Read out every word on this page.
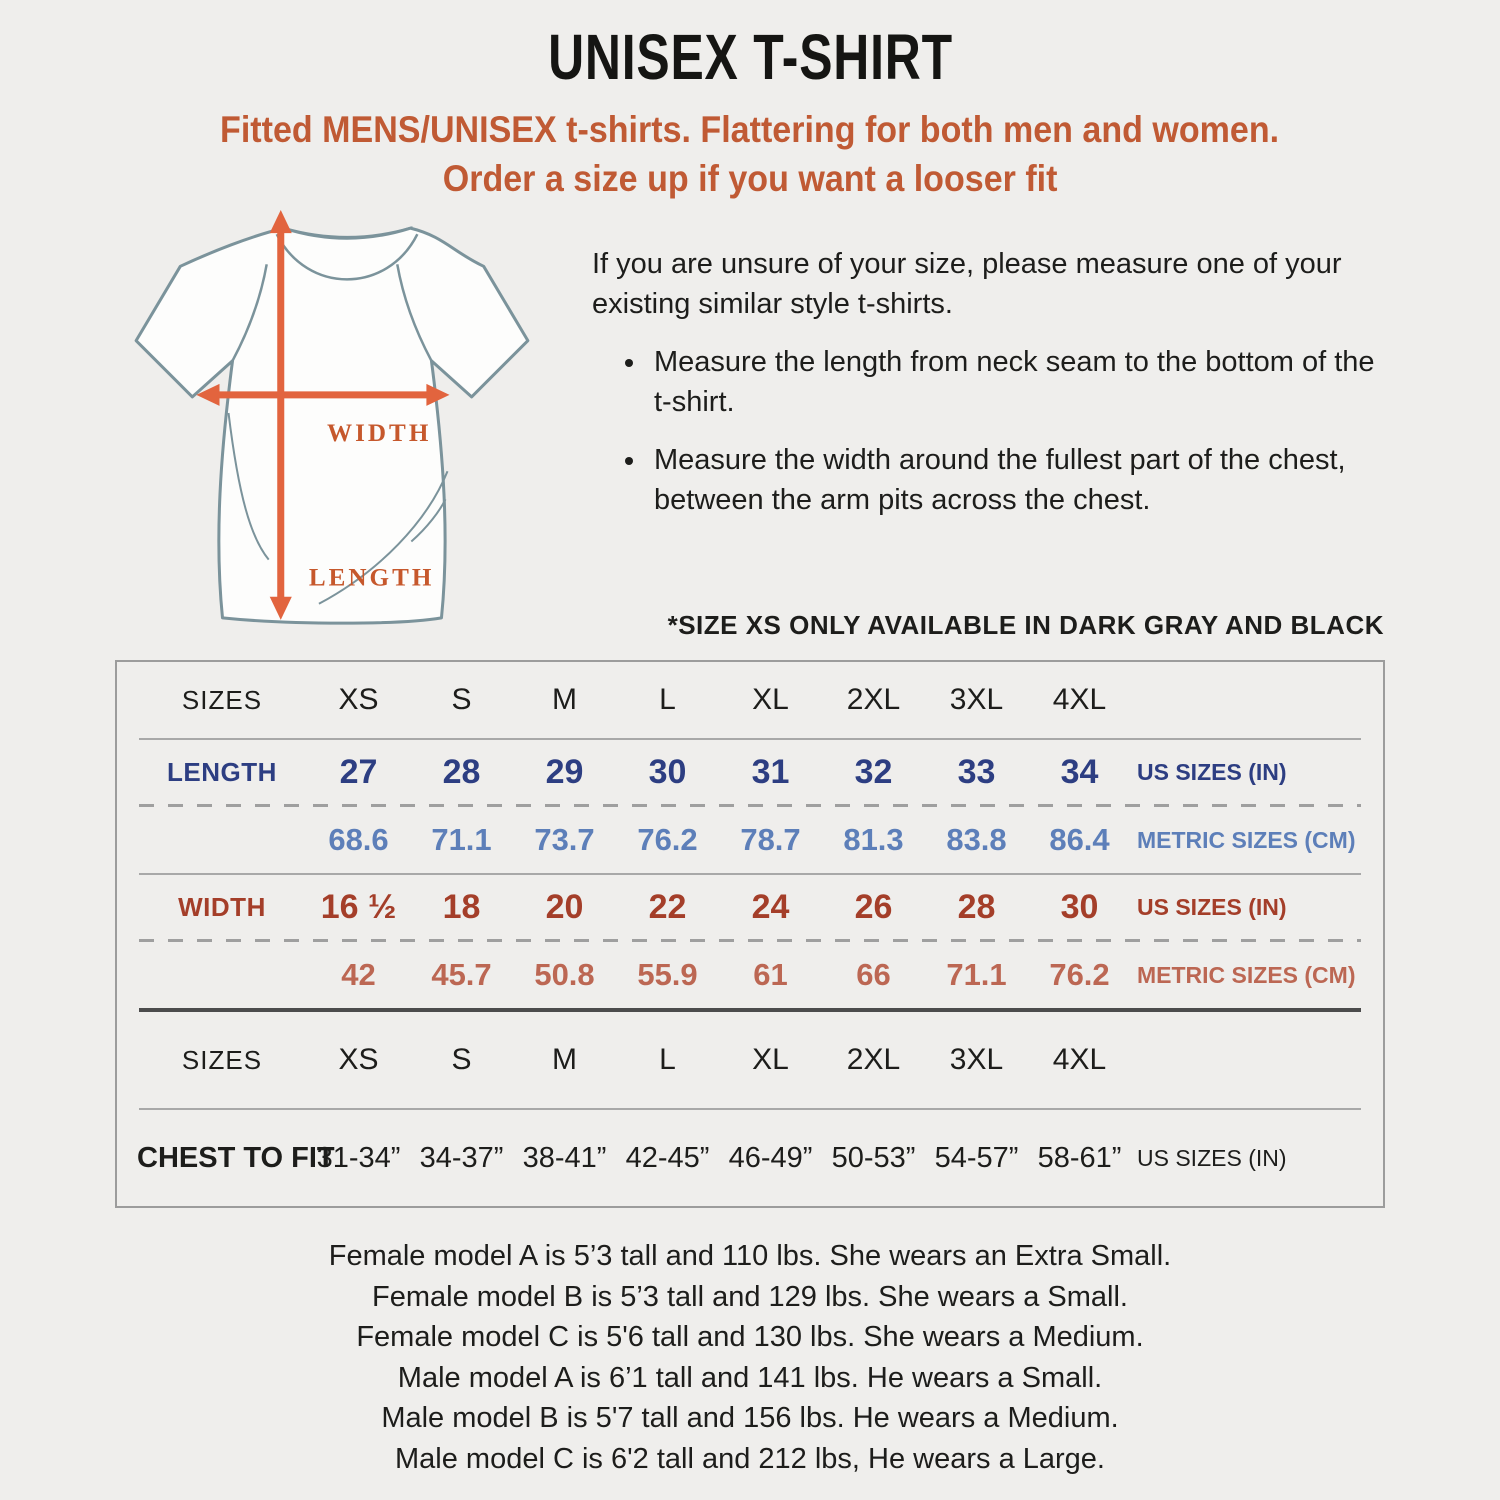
UNISEX T-SHIRT
Fitted MENS/UNISEX t-shirts. Flattering for both men and women.
Order a size up if you want a looser fit
WIDTH
LENGTH
If you are unsure of your size, please measure one of your existing similar style t-shirts.
• Measure the length from neck seam to the bottom of the t-shirt.
• Measure the width around the fullest part of the chest, between the arm pits across the chest.
*SIZE XS ONLY AVAILABLE IN DARK GRAY AND BLACK
SIZES	XS	S	M	L	XL	2XL	3XL	4XL
LENGTH	27	28	29	30	31	32	33	34	US SIZES (IN)
68.6	71.1	73.7	76.2	78.7	81.3	83.8	86.4	METRIC SIZES (CM)
WIDTH	16 ½	18	20	22	24	26	28	30	US SIZES (IN)
42	45.7	50.8	55.9	61	66	71.1	76.2	METRIC SIZES (CM)
SIZES	XS	S	M	L	XL	2XL	3XL	4XL
CHEST TO FIT
31-34” 34-37” 38-41” 42-45” 46-49” 50-53” 54-57” 58-61” US SIZES (IN)
Female model A is 5’3 tall and 110 lbs. She wears an Extra Small.
Female model B is 5’3 tall and 129 lbs. She wears a Small.
Female model C is 5'6 tall and 130 lbs. She wears a Medium.
Male model A is 6’1 tall and 141 lbs. He wears a Small.
Male model B is 5'7 tall and 156 lbs. He wears a Medium.
Male model C is 6'2 tall and 212 lbs, He wears a Large.
